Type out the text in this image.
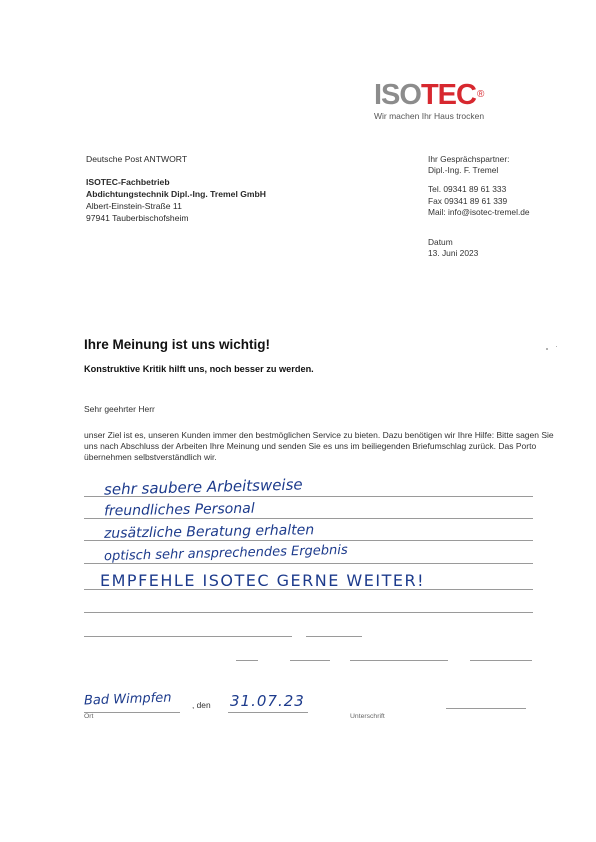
ISOTEC®
Wir machen Ihr Haus trocken
Deutsche Post ANTWORT
ISOTEC-Fachbetrieb
Abdichtungstechnik Dipl.-Ing. Tremel GmbH
Albert-Einstein-Straße 11
97941 Tauberbischofsheim
Ihr Gesprächspartner:
Dipl.-Ing. F. Tremel
Tel. 09341 89 61 333
Fax 09341 89 61 339
Mail: info@isotec-tremel.de
Datum
13. Juni 2023
Ihre Meinung ist uns wichtig!
Konstruktive Kritik hilft uns, noch besser zu werden.
Sehr geehrter Herr
unser Ziel ist es, unseren Kunden immer den bestmöglichen Service zu bieten. Dazu benötigen wir Ihre Hilfe: Bitte sagen Sie uns nach Abschluss der Arbeiten Ihre Meinung und senden Sie es uns im beiliegenden Briefumschlag zurück. Das Porto übernehmen selbstverständlich wir.
sehr saubere Arbeitsweise
freundliches Personal
zusätzliche Beratung erhalten
optisch sehr ansprechendes Ergebnis
EMPFEHLE ISOTEC GERNE WEITER!
Bad Wimpfen , den 31.07.23
Ort	Unterschrift
